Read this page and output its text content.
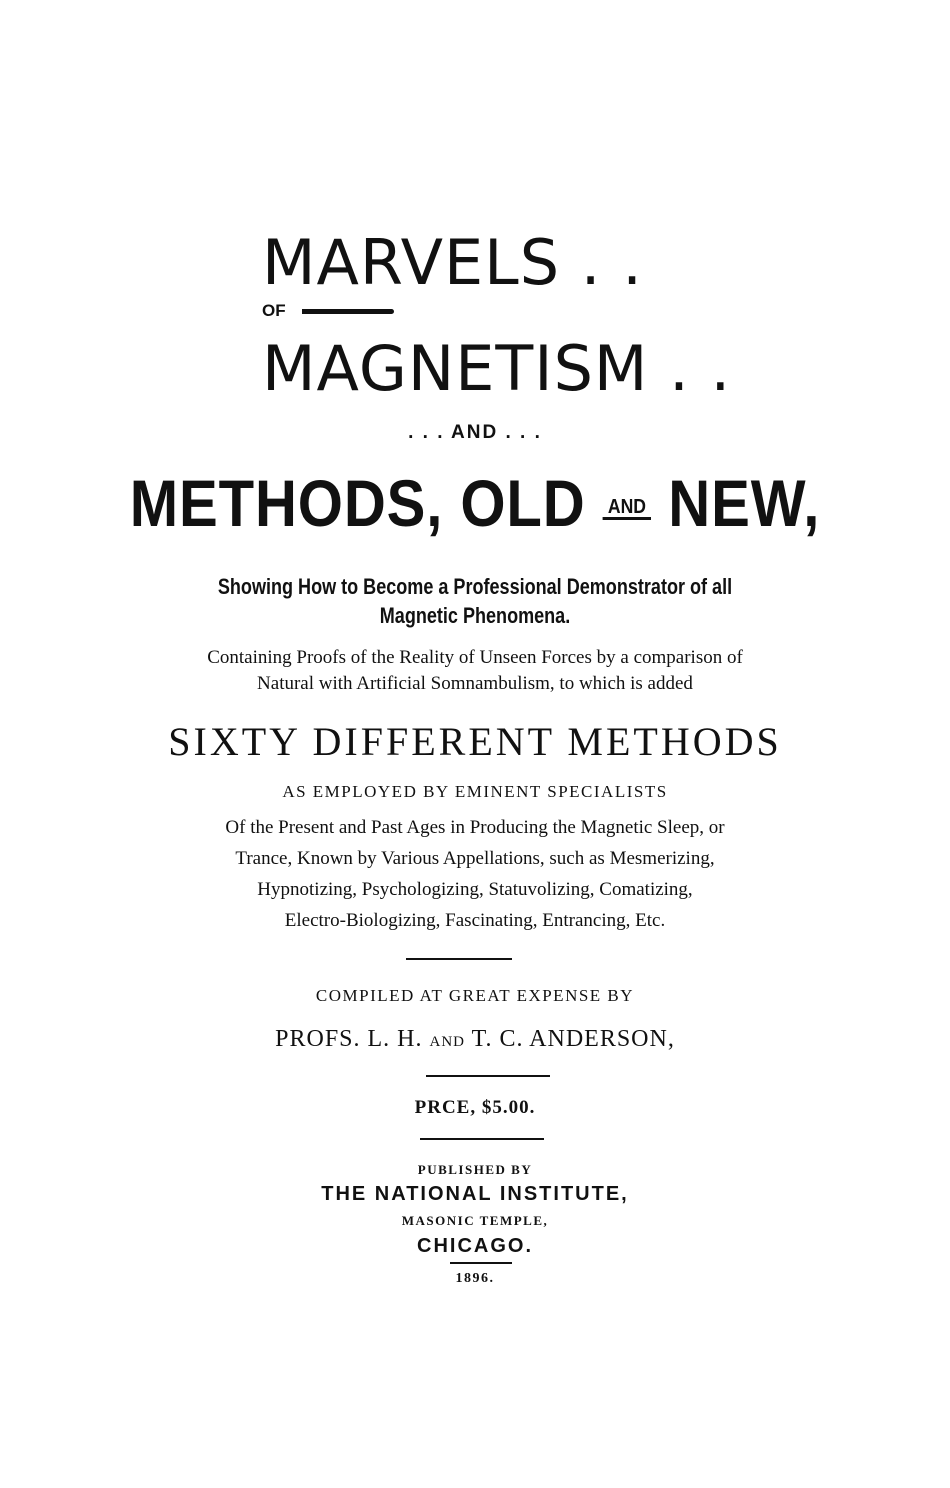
MARVELS . .
OF
MAGNETISM . .
. . . AND . . .
METHODS, OLD AND NEW,
Showing How to Become a Professional Demonstrator of all
Magnetic Phenomena.
Containing Proofs of the Reality of Unseen Forces by a comparison of
Natural with Artificial Somnambulism, to which is added
SIXTY DIFFERENT METHODS
AS EMPLOYED BY EMINENT SPECIALISTS
Of the Present and Past Ages in Producing the Magnetic Sleep, or
Trance, Known by Various Appellations, such as Mesmerizing,
Hypnotizing, Psychologizing, Statuvolizing, Comatizing,
Electro-Biologizing, Fascinating, Entrancing, Etc.
COMPILED AT GREAT EXPENSE BY
PROFS. L. H. AND T. C. ANDERSON,
PRCE, $5.00.
PUBLISHED BY
THE NATIONAL INSTITUTE,
MASONIC TEMPLE,
CHICAGO.
1896.
